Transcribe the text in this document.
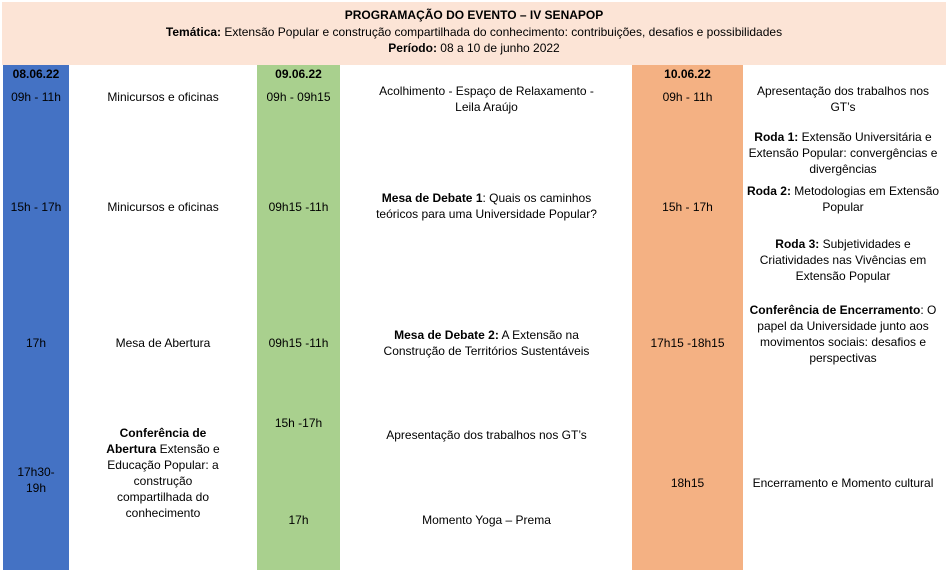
PROGRAMAÇÃO DO EVENTO – IV SENAPOP
Temática: Extensão Popular e construção compartilhada do conhecimento: contribuições, desafios e possibilidades
Período: 08 a 10 de junho 2022
08.06.22
09h - 11h
15h - 17h
17h
17h30- 19h
Minicursos e oficinas
Minicursos e oficinas
Mesa de Abertura
Conferência de Abertura Extensão e Educação Popular: a construção compartilhada do conhecimento
09.06.22
09h - 09h15
09h15 -11h
09h15 -11h
15h -17h
17h
Acolhimento - Espaço de Relaxamento - Leila Araújo
Mesa de Debate 1: Quais os caminhos teóricos para uma Universidade Popular?
Mesa de Debate 2: A Extensão na Construção de Territórios Sustentáveis
Apresentação dos trabalhos nos GT’s
Momento Yoga – Prema
10.06.22
09h - 11h
15h - 17h
17h15 -18h15
18h15
Apresentação dos trabalhos nos GT’s
Roda 1: Extensão Universitária e Extensão Popular: convergências e divergências
Roda 2: Metodologias em Extensão Popular
Roda 3: Subjetividades e Criatividades nas Vivências em Extensão Popular
Conferência de Encerramento: O papel da Universidade junto aos movimentos sociais: desafios e perspectivas
Encerramento e Momento cultural
